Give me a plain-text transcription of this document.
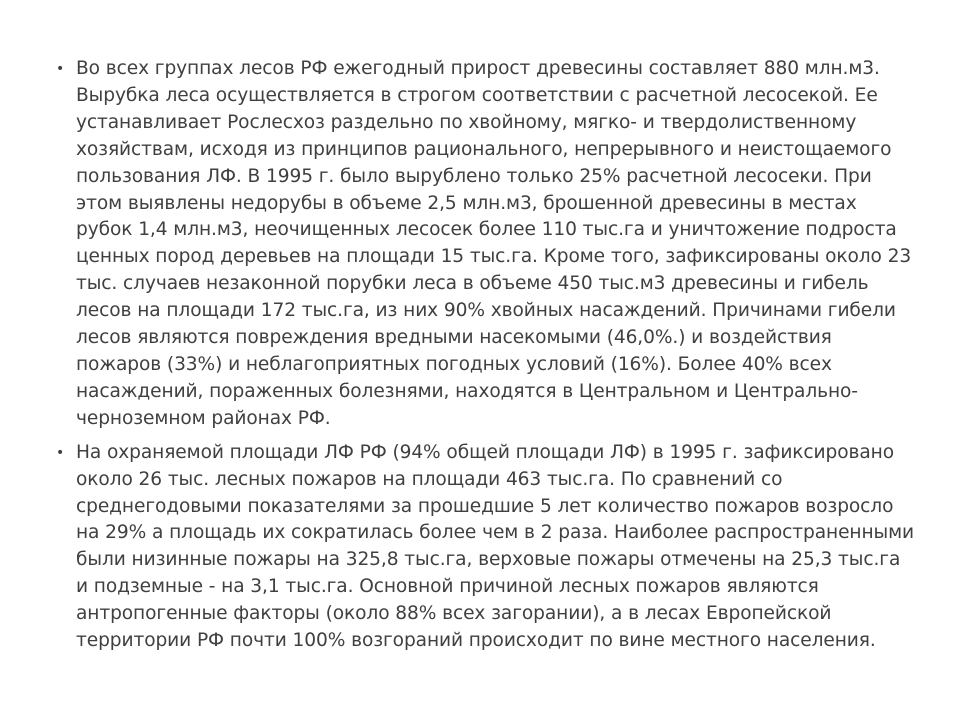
• Во всех группах лесов РФ ежегодный прирост древесины составляет 880 млн.м3. Вырубка леса осуществляется в строгом соответствии с расчетной лесосекой. Ее устанавливает Рослесхоз раздельно по хвойному, мягко- и твердолиственному хозяйствам, исходя из принципов рационального, непрерывного и неистощаемого пользования ЛФ. В 1995 г. было вырублено только 25% расчетной лесосеки. При этом выявлены недорубы в объеме 2,5 млн.м3, брошенной древесины в местах рубок 1,4 млн.м3, неочищенных лесосек более 110 тыс.га и уничтожение подроста ценных пород деревьев на площади 15 тыс.га. Кроме того, зафиксированы около 23 тыс. случаев незаконной порубки леса в объеме 450 тыс.м3 древесины и гибель лесов на площади 172 тыс.га, из них 90% хвойных насаждений. Причинами гибели лесов являются повреждения вредными насекомыми (46,0%.) и воздействия пожаров (33%) и неблагоприятных погодных условий (16%). Более 40% всех насаждений, пораженных болезнями, находятся в Центральном и Центрально-черноземном районах РФ.
• На охраняемой площади ЛФ РФ (94% общей площади ЛФ) в 1995 г. зафиксировано около 26 тыс. лесных пожаров на площади 463 тыс.га. По сравнений со среднегодовыми показателями за прошедшие 5 лет количество пожаров возросло на 29% а площадь их сократилась более чем в 2 раза. Наиболее распространенными были низинные пожары на 325,8 тыс.га, верховые пожары отмечены на 25,3 тыс.га и подземные - на 3,1 тыс.га. Основной причиной лесных пожаров являются антропогенные факторы (около 88% всех загорании), а в лесах Европейской территории РФ почти 100% возгораний происходит по вине местного населения.
